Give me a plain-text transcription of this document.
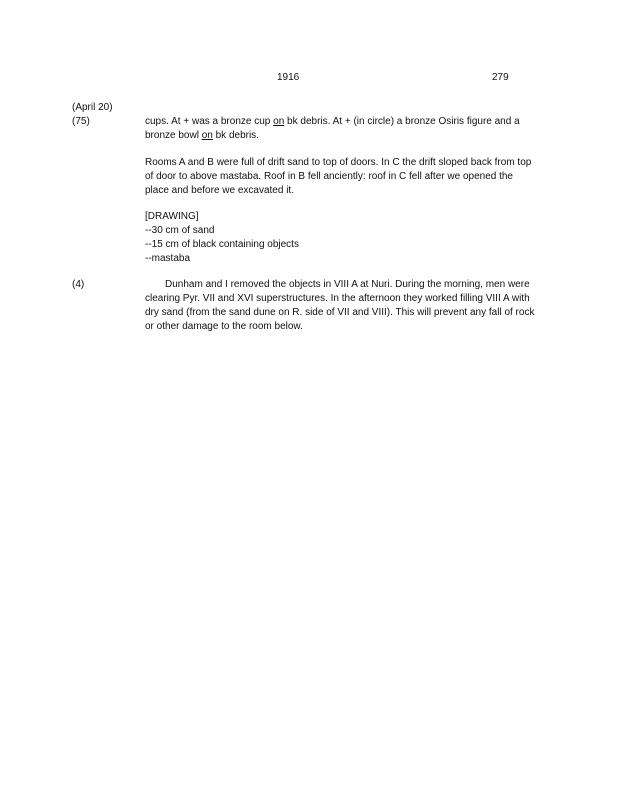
1916	279
(April 20)
(75)	cups. At + was a bronze cup on bk debris. At + (in circle) a bronze Osiris figure and a
bronze bowl on bk debris.
Rooms A and B were full of drift sand to top of doors. In C the drift sloped back from top
of door to above mastaba. Roof in B fell anciently: roof in C fell after we opened the
place and before we excavated it.
[DRAWING]
--30 cm of sand
--15 cm of black containing objects
--mastaba
(4)	Dunham and I removed the objects in VIII A at Nuri. During the morning, men were
clearing Pyr. VII and XVI superstructures. In the afternoon they worked filling VIII A with
dry sand (from the sand dune on R. side of VII and VIII). This will prevent any fall of rock
or other damage to the room below.
